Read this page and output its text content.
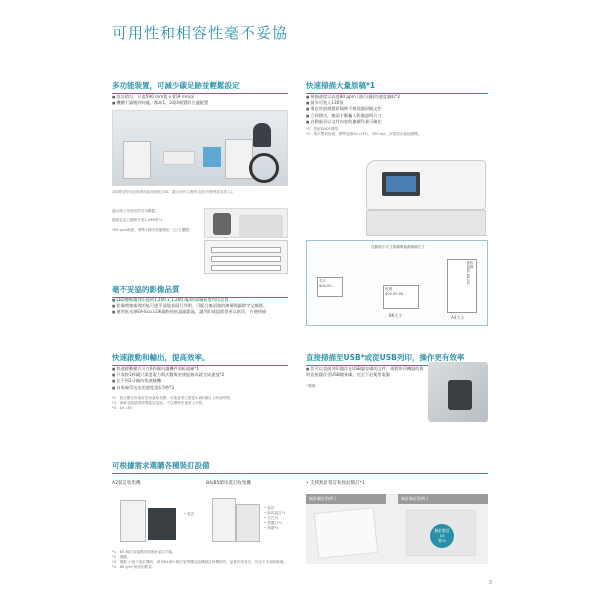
可用性和相容性毫不妥協
多功能裝置，可減少碳足跡並輕鬆設定
■ 設計精巧，只需590 mm寬 x 659 mm深
■ 機體不論搬到何處，都取1，2或4個置的合適配置
2組揮室型可取得保尚區再個座式UI，適合所有人操作(包括有特殊需求的人)。
適合辦公室使用的共用機器。
總紙容量已擴展升至2,096張*1
*80 gsm紙張，標準+擴充紙盤模組（左/右櫃體）
毫不妥協的影像品質
■ LED繪線讓列印達到1,200 x 1,200 dpi的高解析度列印品質
■ 影像增強處理的能可提平清地表現行列明，可配合無須做的漸層與細節字文稱節。
■ 運用低光澤EA-Eco LGK碳粉的低溫碳素晶，讓列印或盜版得更以低印，方便掃描
快速啟動和輸出，提高效率。
■ 快速啟動模式可在6秒鐘內讓機件面板就緒*1
■ 只需按1秒鐘只需度電力與式數與室使能夠為就完成速度*2
■ 在不到2分鐘內快速睡機
■ 首張複印送出的速度達4.5秒*3
*1：較正離仗角地度度再還原加開，可能會需已經從4.8秒鐘以上時延時間。
*2：讀稱並能感測時開電容量地，不以標較快速度上印寫。
*3：A4 LEF。
快速掃描大量原稿*1
■ 掃描速度以高達80 ppm (面/分鐘)的速度讀取*2
■ 最多可裝入130張
■ 專次於偵測整原稿時不會誤讀原稿文件
■ 立即傳送，無須手動輸入影像證明尺寸
■ 自動過頁以文件內容的連續作業可確比
*1：搭配DADF機型。
*2：單次雙面掃描，標準掃描A4 (LEF)，200 dpi，詳情請洽當地總機。
自動拆小尺寸原稿與偵測原稿尺寸
名片
$00.00...
收據
$00.00.00...
收據
$0000.00.00...
B6大小	A4大小
直接掃描至USB*或從USB列印，操作更有效率
■ 您可以直接列印儲存在USB儲存碟的文件，或將影印機器的資料直接儲存至USB隨身碟，完全不必使用電腦
*選購。
可根據需求選購各種裝訂設備
A2裝訂收集機
• 裝訂
B4/B5騎馬裝訂收集機
• 裝訂
• 騎馬裝訂*1
• 打孔*2
• 摺疊打*1
• 單摺*3
• 支援無針裝訂和無針騎訂*1
無針騎訂的例子	無針騎訂的例子
無針裝訂
10
張*2
*1：B5 騎訂裝頭機具備無針裝訂功能。
*2：選購。
*3：僅限 小冊子裝訂機時，使用B4/B5 騎訂裝集機也能機械訂時機的時，更基於兩者各，但並不本相相較範。
*4：80 g/m²紙張的數量。
3
